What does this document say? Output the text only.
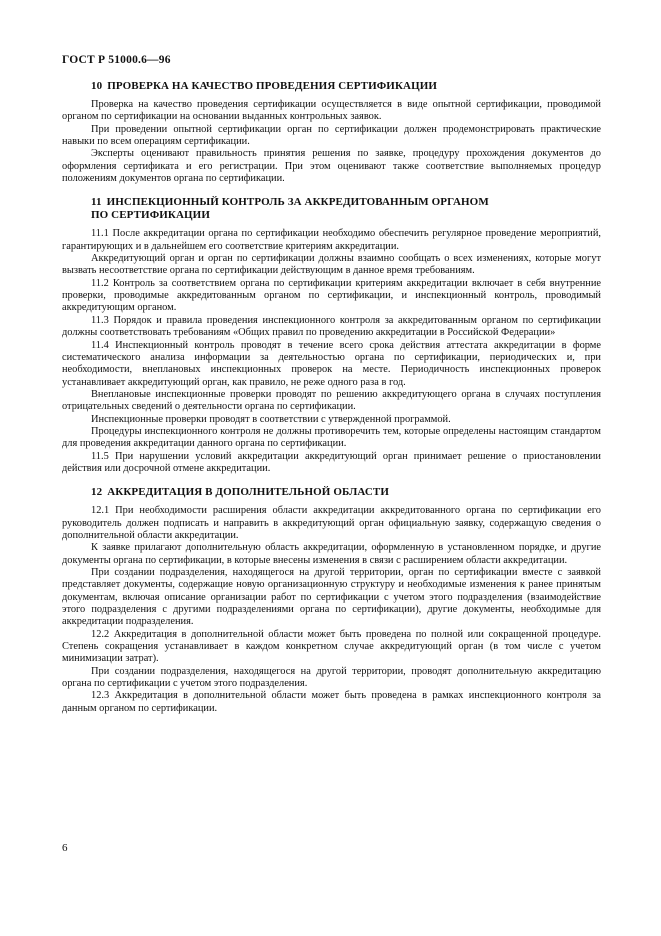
ГОСТ Р 51000.6—96
10 ПРОВЕРКА НА КАЧЕСТВО ПРОВЕДЕНИЯ СЕРТИФИКАЦИИ

Проверка на качество проведения сертификации осуществляется в виде опытной сертификации, проводимой органом по сертификации на основании выданных контрольных заявок.

При проведении опытной сертификации орган по сертификации должен продемонстрировать практические навыки по всем операциям сертификации.

Эксперты оценивают правильность принятия решения по заявке, процедуру прохождения документов до оформления сертификата и его регистрации. При этом оценивают также соответствие выполняемых процедур положениям документов органа по сертификации.

11 ИНСПЕКЦИОННЫЙ КОНТРОЛЬ ЗА АККРЕДИТОВАННЫМ ОРГАНОМ
ПО СЕРТИФИКАЦИИ

11.1 После аккредитации органа по сертификации необходимо обеспечить регулярное проведение мероприятий, гарантирующих и в дальнейшем его соответствие критериям аккредитации.

Аккредитующий орган и орган по сертификации должны взаимно сообщать о всех изменениях, которые могут вызвать несоответствие органа по сертификации действующим в данное время требованиям.

11.2 Контроль за соответствием органа по сертификации критериям аккредитации включает в себя внутренние проверки, проводимые аккредитованным органом по сертификации, и инспекционный контроль, проводимый аккредитующим органом.

11.3 Порядок и правила проведения инспекционного контроля за аккредитованным органом по сертификации должны соответствовать требованиям «Общих правил по проведению аккредитации в Российской Федерации»

11.4 Инспекционный контроль проводят в течение всего срока действия аттестата аккредитации в форме систематического анализа информации за деятельностью органа по сертификации, периодических и, при необходимости, внеплановых инспекционных проверок на месте. Периодичность инспекционных проверок устанавливает аккредитующий орган, как правило, не реже одного раза в год.

Внеплановые инспекционные проверки проводят по решению аккредитующего органа в случаях поступления отрицательных сведений о деятельности органа по сертификации.

Инспекционные проверки проводят в соответствии с утвержденной программой.

Процедуры инспекционного контроля не должны противоречить тем, которые определены настоящим стандартом для проведения аккредитации данного органа по сертификации.

11.5 При нарушении условий аккредитации аккредитующий орган принимает решение о приостановлении действия или досрочной отмене аккредитации.

12 АККРЕДИТАЦИЯ В ДОПОЛНИТЕЛЬНОЙ ОБЛАСТИ

12.1 При необходимости расширения области аккредитации аккредитованного органа по сертификации его руководитель должен подписать и направить в аккредитующий орган официальную заявку, содержащую сведения о дополнительной области аккредитации.

К заявке прилагают дополнительную область аккредитации, оформленную в установленном порядке, и другие документы органа по сертификации, в которые внесены изменения в связи с расширением области аккредитации.

При создании подразделения, находящегося на другой территории, орган по сертификации вместе с заявкой представляет документы, содержащие новую организационную структуру и необходимые изменения к ранее принятым документам, включая описание организации работ по сертификации с учетом этого подразделения (взаимодействие этого подразделения с другими подразделениями органа по сертификации), другие документы, необходимые для аккредитации подразделения.

12.2 Аккредитация в дополнительной области может быть проведена по полной или сокращенной процедуре. Степень сокращения устанавливает в каждом конкретном случае аккредитующий орган (в том числе с учетом минимизации затрат).

При создании подразделения, находящегося на другой территории, проводят дополнительную аккредитацию органа по сертификации с учетом этого подразделения.

12.3 Аккредитация в дополнительной области может быть проведена в рамках инспекционного контроля за данным органом по сертификации.

6
